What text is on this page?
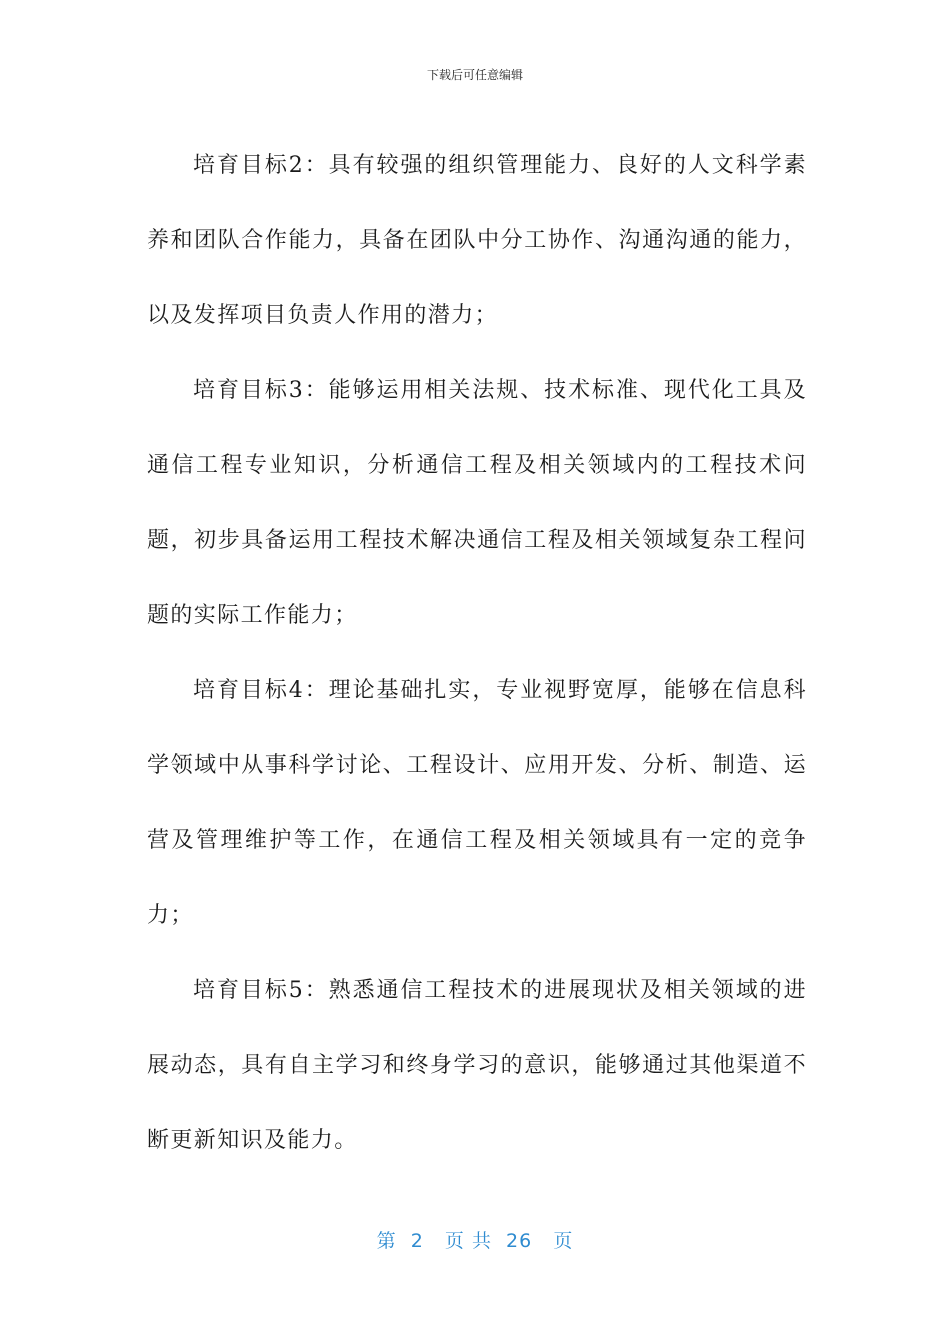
下载后可任意编辑

培育目标2：具有较强的组织管理能力、良好的人文科学素养和团队合作能力，具备在团队中分工协作、沟通沟通的能力，以及发挥项目负责人作用的潜力；

培育目标3：能够运用相关法规、技术标准、现代化工具及通信工程专业知识，分析通信工程及相关领域内的工程技术问题，初步具备运用工程技术解决通信工程及相关领域复杂工程问题的实际工作能力；

培育目标4：理论基础扎实，专业视野宽厚，能够在信息科学领域中从事科学讨论、工程设计、应用开发、分析、制造、运营及管理维护等工作，在通信工程及相关领域具有一定的竞争力；

培育目标5：熟悉通信工程技术的进展现状及相关领域的进展动态，具有自主学习和终身学习的意识，能够通过其他渠道不断更新知识及能力。

第  2   页 共  26   页
